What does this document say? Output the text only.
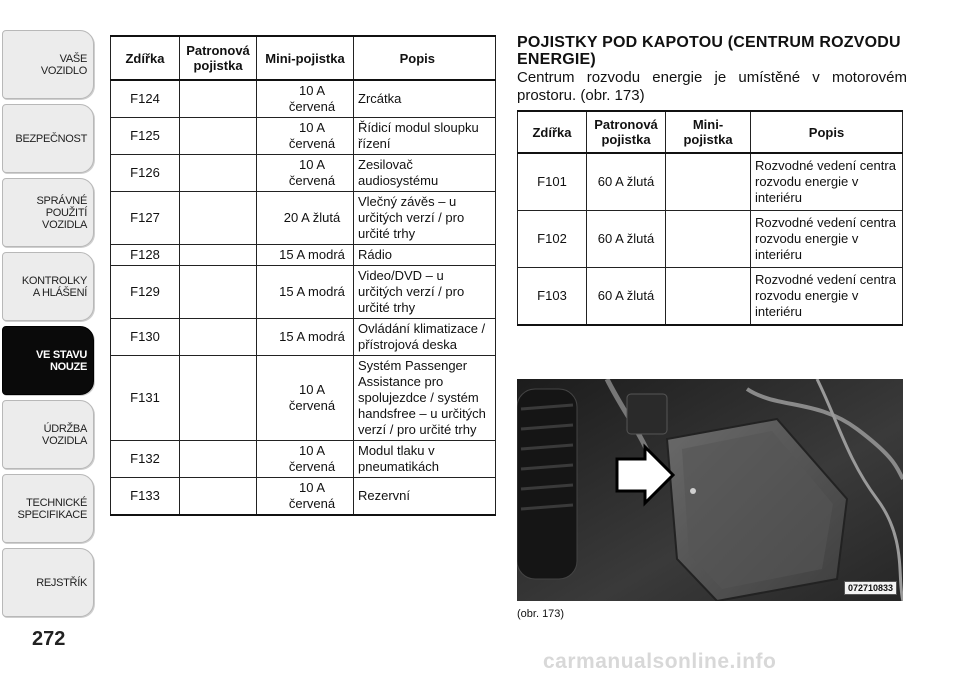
VAŠE
VOZIDLO
BEZPEČNOST
SPRÁVNÉ
POUŽITÍ
VOZIDLA
KONTROLKY
A HLÁŠENÍ
VE STAVU
NOUZE
ÚDRŽBA
VOZIDLA
TECHNICKÉ
SPECIFIKACE
REJSTŘÍK
272
Zdířka	Patronová pojistka	Mini-pojistka	Popis
F124		10 A červená	Zrcátka
F125		10 A červená	Řídicí modul sloupku řízení
F126		10 A červená	Zesilovač audiosystému
F127		20 A žlutá	Vlečný závěs – u určitých verzí / pro určité trhy
F128		15 A modrá	Rádio
F129		15 A modrá	Video/DVD – u určitých verzí / pro určité trhy
F130		15 A modrá	Ovládání klimatizace / přístrojová deska
F131		10 A červená	Systém Passenger Assistance pro spolujezdce / systém handsfree – u určitých verzí / pro určité trhy
F132		10 A červená	Modul tlaku v pneumatikách
F133		10 A červená	Rezervní
POJISTKY POD KAPOTOU (CENTRUM ROZVODU ENERGIE)
Centrum rozvodu energie je umístěné v motorovém prostoru. (obr. 173)
Zdířka	Patronová pojistka	Mini-pojistka	Popis
F101	60 A žlutá		Rozvodné vedení centra rozvodu energie v interiéru
F102	60 A žlutá		Rozvodné vedení centra rozvodu energie v interiéru
F103	60 A žlutá		Rozvodné vedení centra rozvodu energie v interiéru
072710833
(obr. 173)
carmanualsonline.info
